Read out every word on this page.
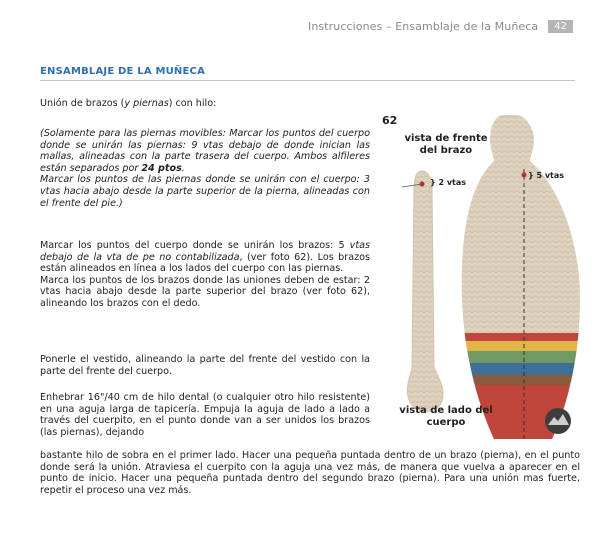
Instrucciones – Ensamblaje de la Muñeca	42
ENSAMBLAJE DE LA MUÑECA

Unión de brazos (y piernas) con hilo:

(Solamente para las piernas movibles: Marcar los puntos del cuerpo donde se unirán las piernas: 9 vtas debajo de donde inician las mallas, alineadas con la parte trasera del cuerpo. Ambos alfileres están separados por 24 ptos.
Marcar los puntos de las piernas donde se unirán con el cuerpo: 3 vtas hacia abajo desde la parte superior de la pierna, alineadas con el frente del pie.)

Marcar los puntos del cuerpo donde se unirán los brazos: 5 vtas debajo de la vta de pe no contabilizada, (ver foto 62). Los brazos están alineados en línea a los lados del cuerpo con las piernas.
Marca los puntos de los brazos donde las uniones deben de estar: 2 vtas hacia abajo desde la parte superior del brazo (ver foto 62), alineando los brazos con el dedo.

Ponerle el vestido, alineando la parte del frente del vestido con la parte del frente del cuerpo.

Enhebrar 16"/40 cm de hilo dental (o cualquier otro hilo resistente) en una aguja larga de tapicería. Empuja la aguja de lado a lado a través del cuerpito, en el punto donde van a ser unidos los brazos (las piernas), dejando

bastante hilo de sobra en el primer lado. Hacer una pequeña puntada dentro de un brazo (pierna), en el punto donde será la unión. Atraviesa el cuerpito con la aguja una vez más, de manera que vuelva a aparecer en el punto de inicio. Hacer una pequeña puntada dentro del segundo brazo (pierna). Para una unión mas fuerte, repetir el proceso una vez más.

62
vista de frente del brazo
} 2 vtas
} 5 vtas
vista de lado del cuerpo
